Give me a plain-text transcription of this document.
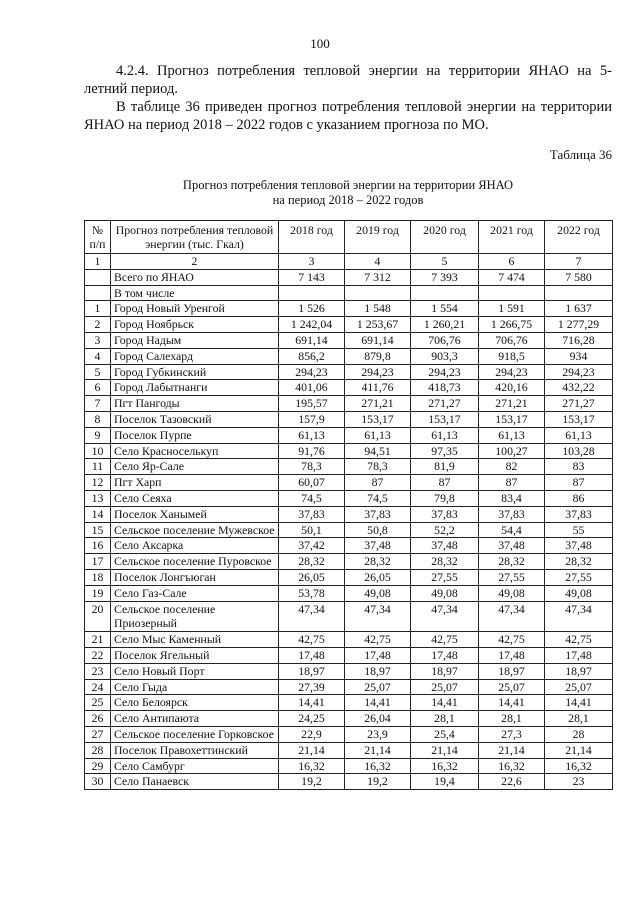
100
4.2.4. Прогноз потребления тепловой энергии на территории ЯНАО на 5-летний период.
В таблице 36 приведен прогноз потребления тепловой энергии на территории ЯНАО на период 2018 – 2022 годов с указанием прогноза по МО.
Таблица 36
Прогноз потребления тепловой энергии на территории ЯНАО
на период 2018 – 2022 годов
№ п/п	Прогноз потребления тепловой энергии (тыс. Гкал)	2018 год	2019 год	2020 год	2021 год	2022 год
1	2	3	4	5	6	7
	Всего по ЯНАО	7 143	7 312	7 393	7 474	7 580
	В том числе					
1	Город Новый Уренгой	1 526	1 548	1 554	1 591	1 637
2	Город Ноябрьск	1 242,04	1 253,67	1 260,21	1 266,75	1 277,29
3	Город Надым	691,14	691,14	706,76	706,76	716,28
4	Город Салехард	856,2	879,8	903,3	918,5	934
5	Город Губкинский	294,23	294,23	294,23	294,23	294,23
6	Город Лабытнанги	401,06	411,76	418,73	420,16	432,22
7	Пгт Пангоды	195,57	271,21	271,27	271,21	271,27
8	Поселок Тазовский	157,9	153,17	153,17	153,17	153,17
9	Поселок Пурпе	61,13	61,13	61,13	61,13	61,13
10	Село Красноселькуп	91,76	94,51	97,35	100,27	103,28
11	Село Яр-Сале	78,3	78,3	81,9	82	83
12	Пгт Харп	60,07	87	87	87	87
13	Село Сеяха	74,5	74,5	79,8	83,4	86
14	Поселок Ханымей	37,83	37,83	37,83	37,83	37,83
15	Сельское поселение Мужевское	50,1	50,8	52,2	54,4	55
16	Село Аксарка	37,42	37,48	37,48	37,48	37,48
17	Сельское поселение Пуровское	28,32	28,32	28,32	28,32	28,32
18	Поселок Лонгъюган	26,05	26,05	27,55	27,55	27,55
19	Село Газ-Сале	53,78	49,08	49,08	49,08	49,08
20	Сельское поселение Приозерный	47,34	47,34	47,34	47,34	47,34
21	Село Мыс Каменный	42,75	42,75	42,75	42,75	42,75
22	Поселок Ягельный	17,48	17,48	17,48	17,48	17,48
23	Село Новый Порт	18,97	18,97	18,97	18,97	18,97
24	Село Гыда	27,39	25,07	25,07	25,07	25,07
25	Село Белоярск	14,41	14,41	14,41	14,41	14,41
26	Село Антипаюта	24,25	26,04	28,1	28,1	28,1
27	Сельское поселение Горковское	22,9	23,9	25,4	27,3	28
28	Поселок Правохеттинский	21,14	21,14	21,14	21,14	21,14
29	Село Самбург	16,32	16,32	16,32	16,32	16,32
30	Село Панаевск	19,2	19,2	19,4	22,6	23
